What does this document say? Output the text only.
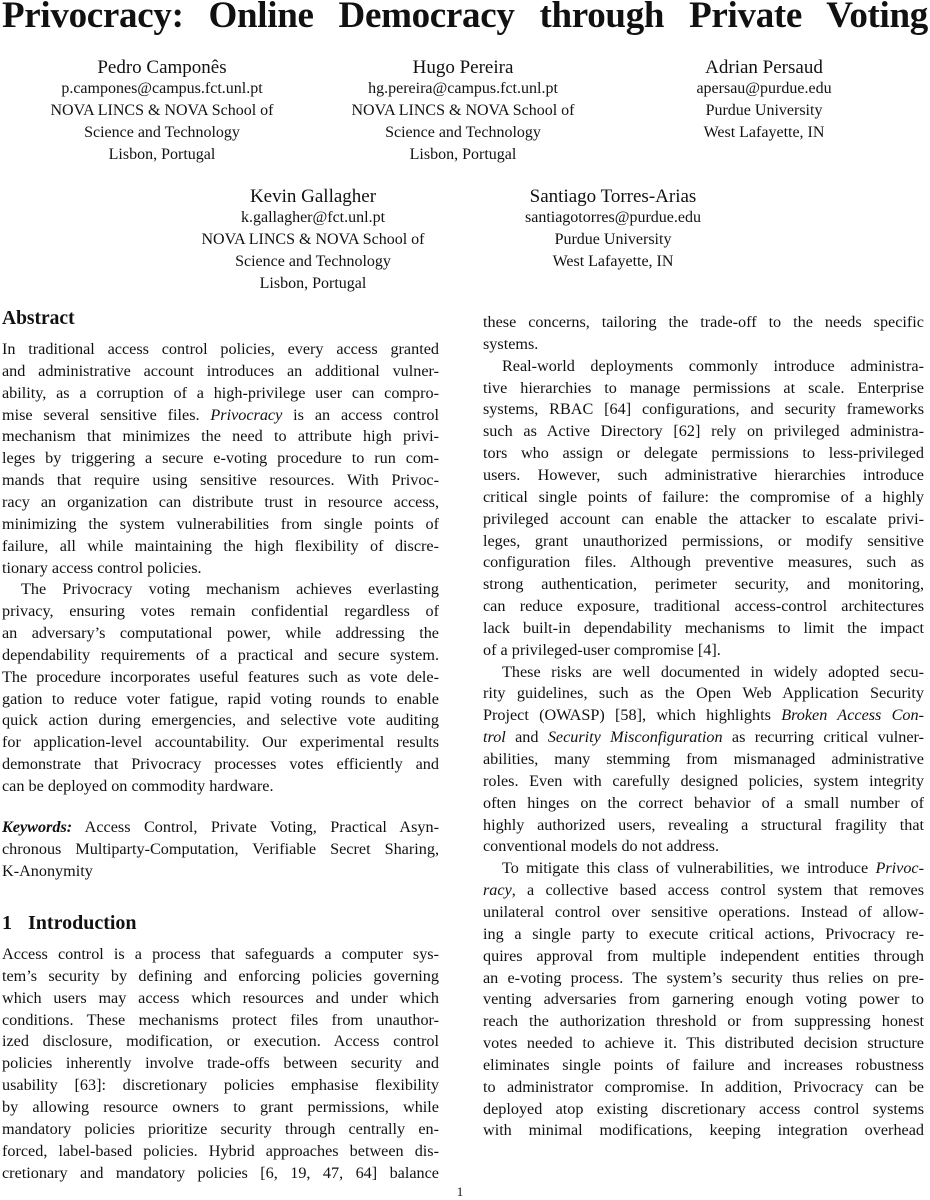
Privocracy: Online Democracy through Private Voting
Pedro Camponês
p.campones@campus.fct.unl.pt
NOVA LINCS & NOVA School of
Science and Technology
Lisbon, Portugal
Hugo Pereira
hg.pereira@campus.fct.unl.pt
NOVA LINCS & NOVA School of
Science and Technology
Lisbon, Portugal
Adrian Persaud
apersau@purdue.edu
Purdue University
West Lafayette, IN
Kevin Gallagher
k.gallagher@fct.unl.pt
NOVA LINCS & NOVA School of
Science and Technology
Lisbon, Portugal
Santiago Torres-Arias
santiagotorres@purdue.edu
Purdue University
West Lafayette, IN
Abstract
In traditional access control policies, every access granted
and administrative account introduces an additional vulner-
ability, as a corruption of a high-privilege user can compro-
mise several sensitive files. Privocracy is an access control
mechanism that minimizes the need to attribute high privi-
leges by triggering a secure e-voting procedure to run com-
mands that require using sensitive resources. With Privoc-
racy an organization can distribute trust in resource access,
minimizing the system vulnerabilities from single points of
failure, all while maintaining the high flexibility of discre-
tionary access control policies.
The Privocracy voting mechanism achieves everlasting
privacy, ensuring votes remain confidential regardless of
an adversary’s computational power, while addressing the
dependability requirements of a practical and secure system.
The procedure incorporates useful features such as vote dele-
gation to reduce voter fatigue, rapid voting rounds to enable
quick action during emergencies, and selective vote auditing
for application-level accountability. Our experimental results
demonstrate that Privocracy processes votes efficiently and
can be deployed on commodity hardware.
Keywords: Access Control, Private Voting, Practical Asyn-
chronous Multiparty-Computation, Verifiable Secret Sharing,
K-Anonymity
1 Introduction
Access control is a process that safeguards a computer sys-
tem’s security by defining and enforcing policies governing
which users may access which resources and under which
conditions. These mechanisms protect files from unauthor-
ized disclosure, modification, or execution. Access control
policies inherently involve trade-offs between security and
usability [63]: discretionary policies emphasise flexibility
by allowing resource owners to grant permissions, while
mandatory policies prioritize security through centrally en-
forced, label-based policies. Hybrid approaches between dis-
cretionary and mandatory policies [6, 19, 47, 64] balance
these concerns, tailoring the trade-off to the needs specific
systems.
Real-world deployments commonly introduce administra-
tive hierarchies to manage permissions at scale. Enterprise
systems, RBAC [64] configurations, and security frameworks
such as Active Directory [62] rely on privileged administra-
tors who assign or delegate permissions to less-privileged
users. However, such administrative hierarchies introduce
critical single points of failure: the compromise of a highly
privileged account can enable the attacker to escalate privi-
leges, grant unauthorized permissions, or modify sensitive
configuration files. Although preventive measures, such as
strong authentication, perimeter security, and monitoring,
can reduce exposure, traditional access-control architectures
lack built-in dependability mechanisms to limit the impact
of a privileged-user compromise [4].
These risks are well documented in widely adopted secu-
rity guidelines, such as the Open Web Application Security
Project (OWASP) [58], which highlights Broken Access Con-
trol and Security Misconfiguration as recurring critical vulner-
abilities, many stemming from mismanaged administrative
roles. Even with carefully designed policies, system integrity
often hinges on the correct behavior of a small number of
highly authorized users, revealing a structural fragility that
conventional models do not address.
To mitigate this class of vulnerabilities, we introduce Privoc-
racy, a collective based access control system that removes
unilateral control over sensitive operations. Instead of allow-
ing a single party to execute critical actions, Privocracy re-
quires approval from multiple independent entities through
an e-voting process. The system’s security thus relies on pre-
venting adversaries from garnering enough voting power to
reach the authorization threshold or from suppressing honest
votes needed to achieve it. This distributed decision structure
eliminates single points of failure and increases robustness
to administrator compromise. In addition, Privocracy can be
deployed atop existing discretionary access control systems
with minimal modifications, keeping integration overhead
1
